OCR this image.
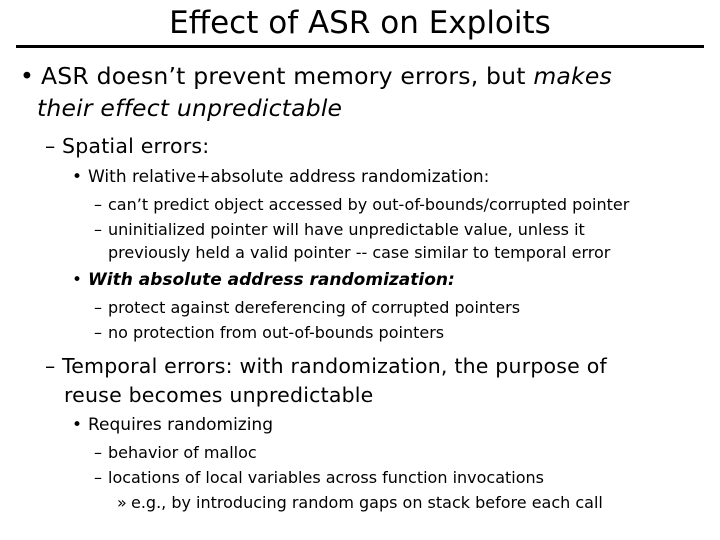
Effect of ASR on Exploits
• ASR doesn’t prevent memory errors, but makes
their effect unpredictable
– Spatial errors:
• With relative+absolute address randomization:
– can’t predict object accessed by out-of-bounds/corrupted pointer
– uninitialized pointer will have unpredictable value, unless it
previously held a valid pointer -- case similar to temporal error
• With absolute address randomization:
– protect against dereferencing of corrupted pointers
– no protection from out-of-bounds pointers
– Temporal errors: with randomization, the purpose of
reuse becomes unpredictable
• Requires randomizing
– behavior of malloc
– locations of local variables across function invocations
» e.g., by introducing random gaps on stack before each call
